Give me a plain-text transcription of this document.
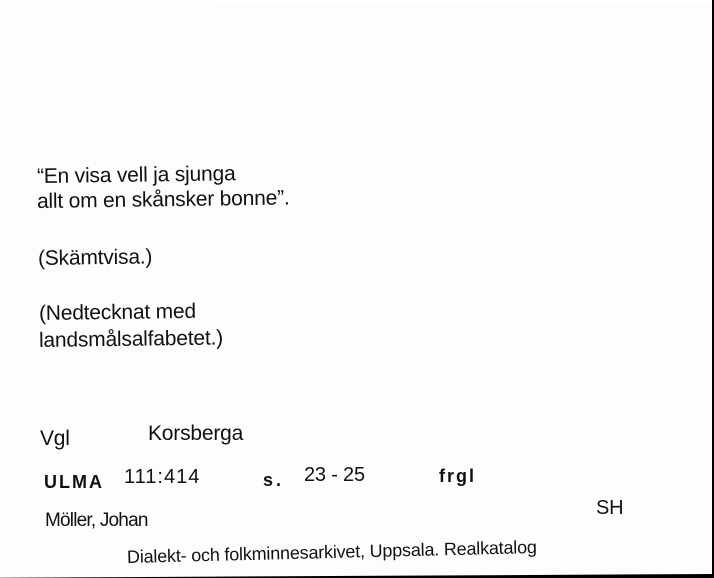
“En visa vell ja sjunga
allt om en skånsker bonne”.
(Skämtvisa.)
(Nedtecknat med
landsmålsalfabetet.)
Vgl	Korsberga
ULMA 111:414	s. 23 - 25	frgl
Möller, Johan
SH
Dialekt- och folkminnesarkivet, Uppsala. Realkatalog
